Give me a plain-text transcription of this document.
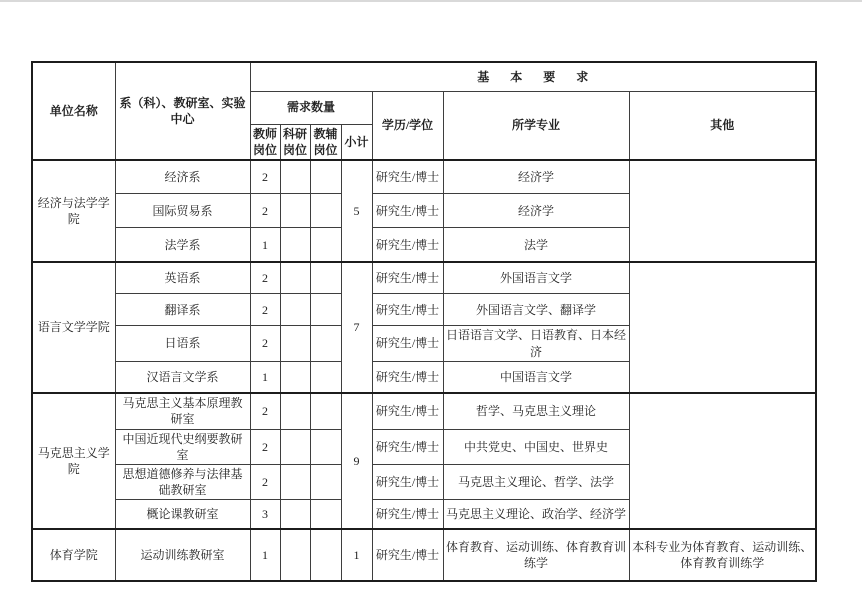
单位名称	系（科）、教研室、实验中心	基 本 要 求						
		需求数量				学历/学位	所学专业	其他
		教师岗位	科研岗位	教辅岗位	小计			
经济与法学学院	经济系	2			5	研究生/博士	经济学	
	国际贸易系	2				研究生/博士	经济学	
	法学系	1				研究生/博士	法学	
语言文学学院	英语系	2			7	研究生/博士	外国语言文学	
	翻译系	2				研究生/博士	外国语言文学、翻译学	
	日语系	2				研究生/博士	日语语言文学、日语教育、日本经济	
	汉语言文学系	1				研究生/博士	中国语言文学	
马克思主义学院	马克思主义基本原理教研室	2			9	研究生/博士	哲学、马克思主义理论	
	中国近现代史纲要教研室	2				研究生/博士	中共党史、中国史、世界史	
	思想道德修养与法律基础教研室	2				研究生/博士	马克思主义理论、哲学、法学	
	概论课教研室	3				研究生/博士	马克思主义理论、政治学、经济学	
体育学院	运动训练教研室	1			1	研究生/博士	体育教育、运动训练、体育教育训练学	本科专业为体育教育、运动训练、体育教育训练学
